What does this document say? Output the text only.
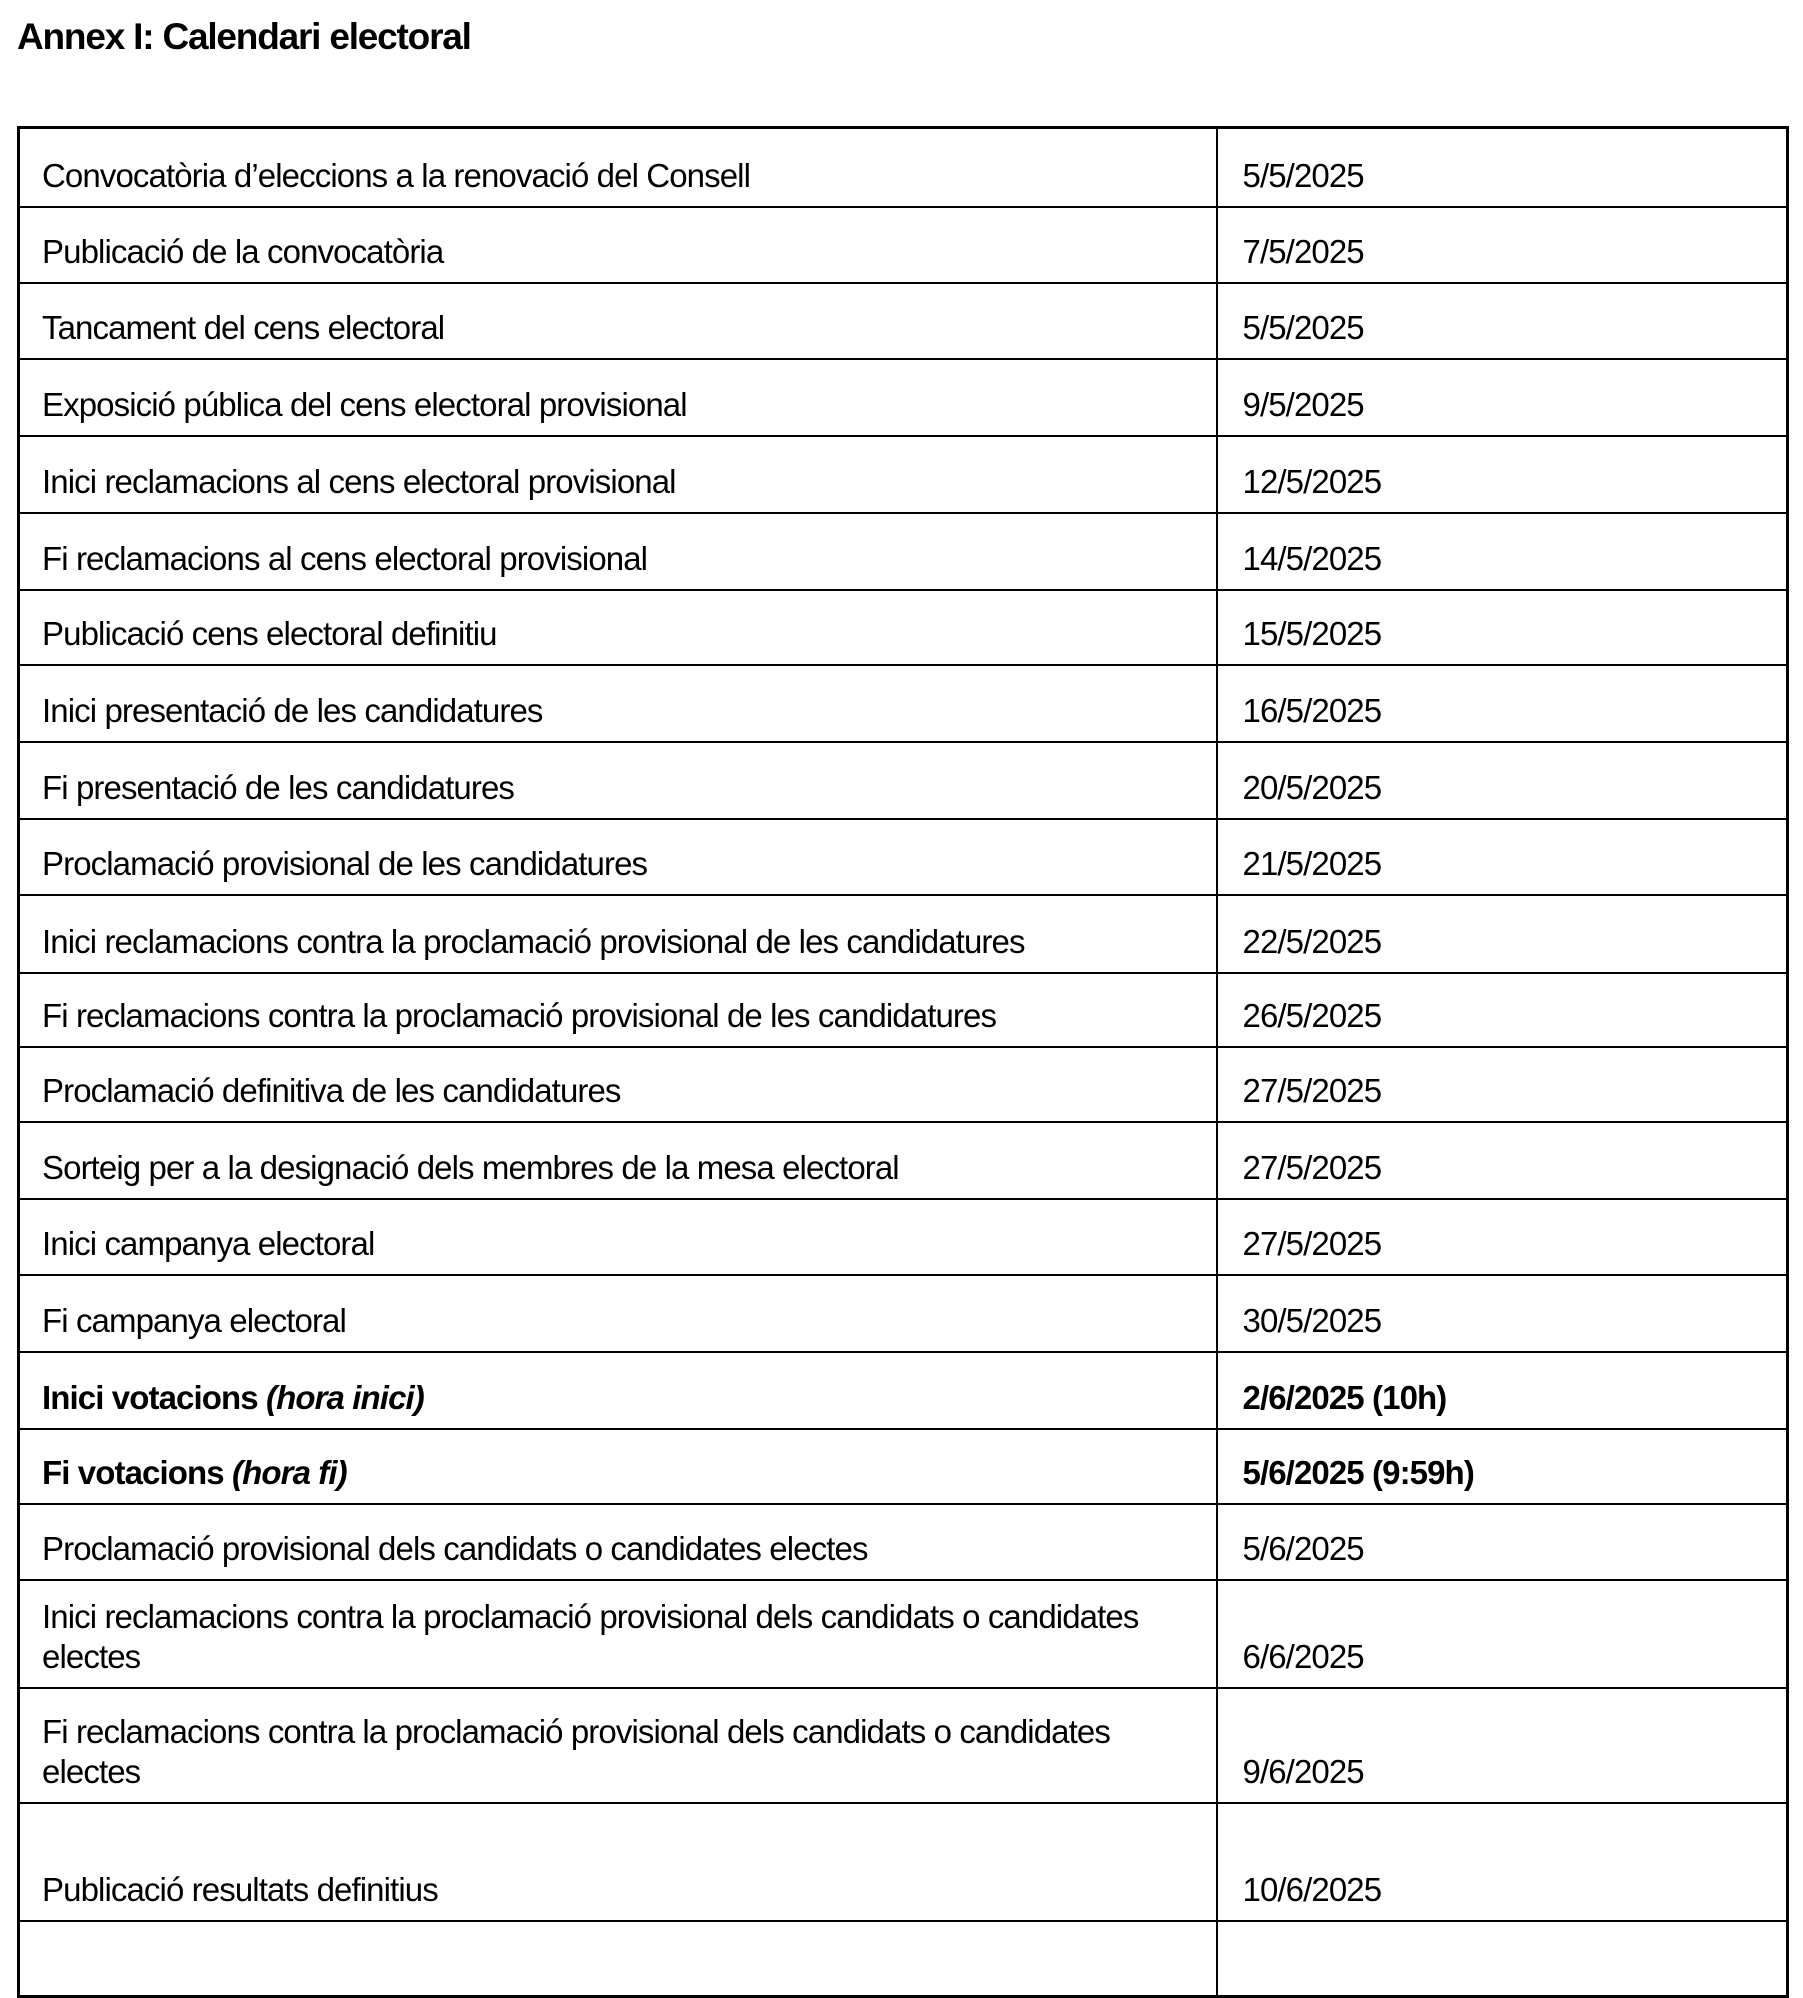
Annex I: Calendari electoral
Convocatòria d’eleccions a la renovació del Consell	5/5/2025
Publicació de la convocatòria	7/5/2025
Tancament del cens electoral	5/5/2025
Exposició pública del cens electoral provisional	9/5/2025
Inici reclamacions al cens electoral provisional	12/5/2025
Fi reclamacions al cens electoral provisional	14/5/2025
Publicació cens electoral definitiu	15/5/2025
Inici presentació de les candidatures	16/5/2025
Fi presentació de les candidatures	20/5/2025
Proclamació provisional de les candidatures	21/5/2025
Inici reclamacions contra la proclamació provisional de les candidatures	22/5/2025
Fi reclamacions contra la proclamació provisional de les candidatures	26/5/2025
Proclamació definitiva de les candidatures	27/5/2025
Sorteig per a la designació dels membres de la mesa electoral	27/5/2025
Inici campanya electoral	27/5/2025
Fi campanya electoral	30/5/2025
Inici votacions (hora inici)	2/6/2025 (10h)
Fi votacions (hora fi)	5/6/2025 (9:59h)
Proclamació provisional dels candidats o candidates electes	5/6/2025
Inici reclamacions contra la proclamació provisional dels candidats o candidates electes	6/6/2025
Fi reclamacions contra la proclamació provisional dels candidats o candidates electes	9/6/2025
Publicació resultats definitius	10/6/2025
